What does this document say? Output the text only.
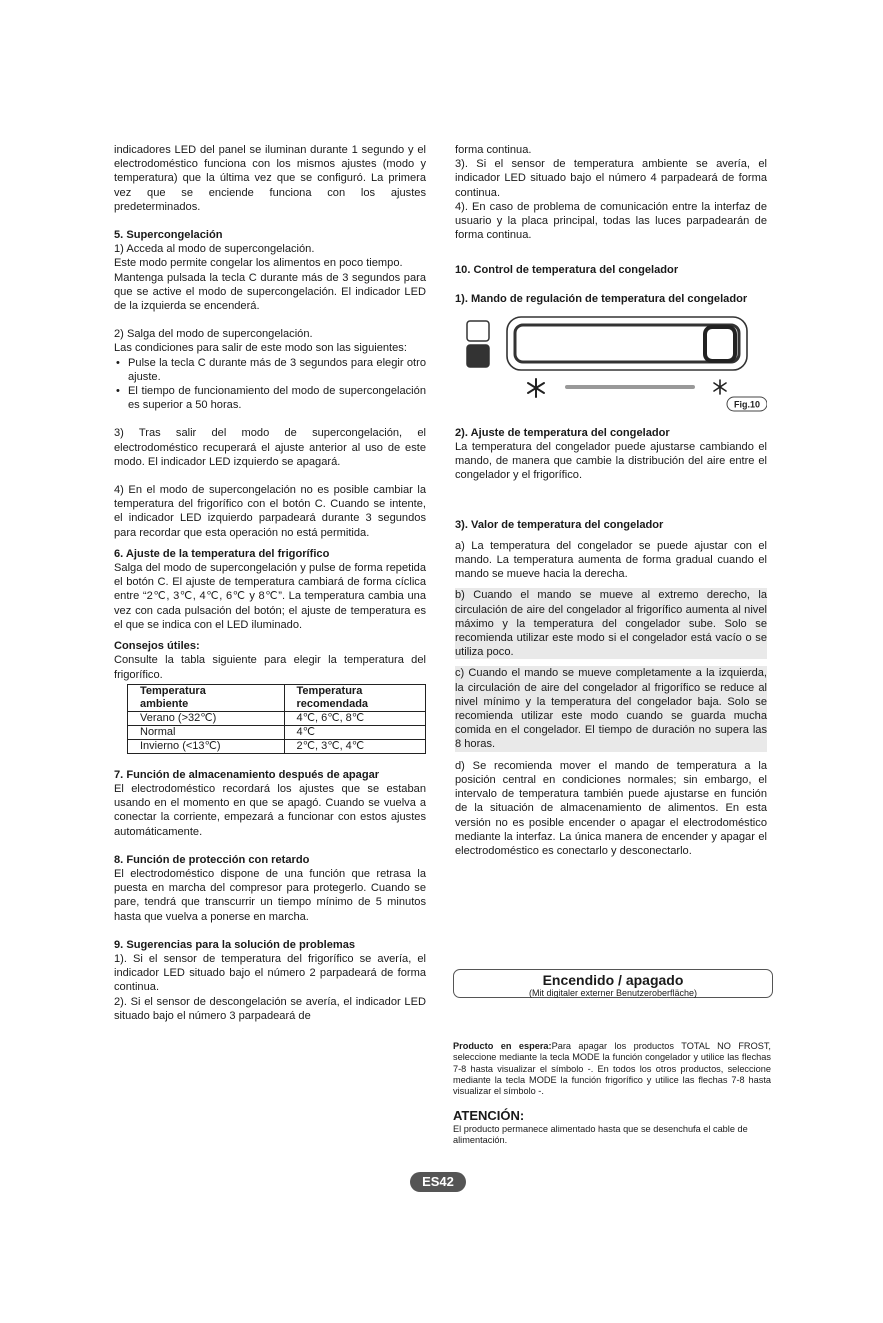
indicadores LED del panel se iluminan durante 1 segundo y el electrodoméstico funciona con los mismos ajustes (modo y temperatura) que la última vez que se configuró. La primera vez que se enciende funciona con los ajustes predeterminados.

5. Supercongelación

1) Acceda al modo de supercongelación.

Este modo permite congelar los alimentos en poco tiempo.

Mantenga pulsada la tecla C durante más de 3 segundos para que se active el modo de supercongelación. El indicador LED de la izquierda se encenderá.

2) Salga del modo de supercongelación.

Las condiciones para salir de este modo son las siguientes:

• Pulse la tecla C durante más de 3 segundos para elegir otro ajuste.
• El tiempo de funcionamiento del modo de supercongelación es superior a 50 horas.

3) Tras salir del modo de supercongelación, el electrodoméstico recuperará el ajuste anterior al uso de este modo. El indicador LED izquierdo se apagará.

4) En el modo de supercongelación no es posible cambiar la temperatura del frigorífico con el botón C. Cuando se intente, el indicador LED izquierdo parpadeará durante 3 segundos para recordar que esta operación no está permitida.

6. Ajuste de la temperatura del frigorífico

Salga del modo de supercongelación y pulse de forma repetida el botón C. El ajuste de temperatura cambiará de forma cíclica entre “2℃, 3℃, 4℃, 6℃ y 8℃”. La temperatura cambia una vez con cada pulsación del botón; el ajuste de temperatura es el que se indica con el LED iluminado.

Consejos útiles:

Consulte la tabla siguiente para elegir la temperatura del frigorífico.

Temperatura
ambiente	Temperatura
recomendada
Verano (>32℃)	4℃, 6℃, 8℃
Normal	4℃
Invierno (<13℃)	2℃, 3℃, 4℃

7. Función de almacenamiento después de apagar

El electrodoméstico recordará los ajustes que se estaban usando en el momento en que se apagó. Cuando se vuelva a conectar la corriente, empezará a funcionar con estos ajustes automáticamente.

8. Función de protección con retardo

El electrodoméstico dispone de una función que retrasa la puesta en marcha del compresor para protegerlo. Cuando se pare, tendrá que transcurrir un tiempo mínimo de 5 minutos hasta que vuelva a ponerse en marcha.

9. Sugerencias para la solución de problemas

1). Si el sensor de temperatura del frigorífico se avería, el indicador LED situado bajo el número 2 parpadeará de forma continua.

2). Si el sensor de descongelación se avería, el indicador LED situado bajo el número 3 parpadeará de

forma continua.

3). Si el sensor de temperatura ambiente se avería, el indicador LED situado bajo el número 4 parpadeará de forma continua.

4). En caso de problema de comunicación entre la interfaz de usuario y la placa principal, todas las luces parpadearán de forma continua.

10. Control de temperatura del congelador

1). Mando de regulación de temperatura del congelador

Fig.10

2). Ajuste de temperatura del congelador

La temperatura del congelador puede ajustarse cambiando el mando, de manera que cambie la distribución del aire entre el congelador y el frigorífico.

3). Valor de temperatura del congelador

a) La temperatura del congelador se puede ajustar con el mando. La temperatura aumenta de forma gradual cuando el mando se mueve hacia la derecha.

b) Cuando el mando se mueve al extremo derecho, la circulación de aire del congelador al frigorífico aumenta al nivel máximo y la temperatura del congelador sube. Solo se recomienda utilizar este modo si el congelador está vacío o se utiliza poco.

c) Cuando el mando se mueve completamente a la izquierda, la circulación de aire del congelador al frigorífico se reduce al nivel mínimo y la temperatura del congelador baja. Solo se recomienda utilizar este modo cuando se guarda mucha comida en el congelador. El tiempo de duración no supera las 8 horas.

d) Se recomienda mover el mando de temperatura a la posición central en condiciones normales; sin embargo, el intervalo de temperatura también puede ajustarse en función de la situación de almacenamiento de alimentos. En esta versión no es posible encender o apagar el electrodoméstico mediante la interfaz. La única manera de encender y apagar el electrodoméstico es conectarlo y desconectarlo.

Encendido / apagado
(Mit digitaler externer Benutzeroberfläche)
Producto en espera:Para apagar los productos TOTAL NO FROST, seleccione mediante la tecla MODE la función congelador y utilice las flechas 7-8 hasta visualizar el símbolo -. En todos los otros productos, seleccione mediante la tecla MODE la función frigorífico y utilice las flechas 7-8 hasta visualizar el símbolo -.
ATENCIÓN:
El producto permanece alimentado hasta que se desenchufa el cable de alimentación.
ES42
